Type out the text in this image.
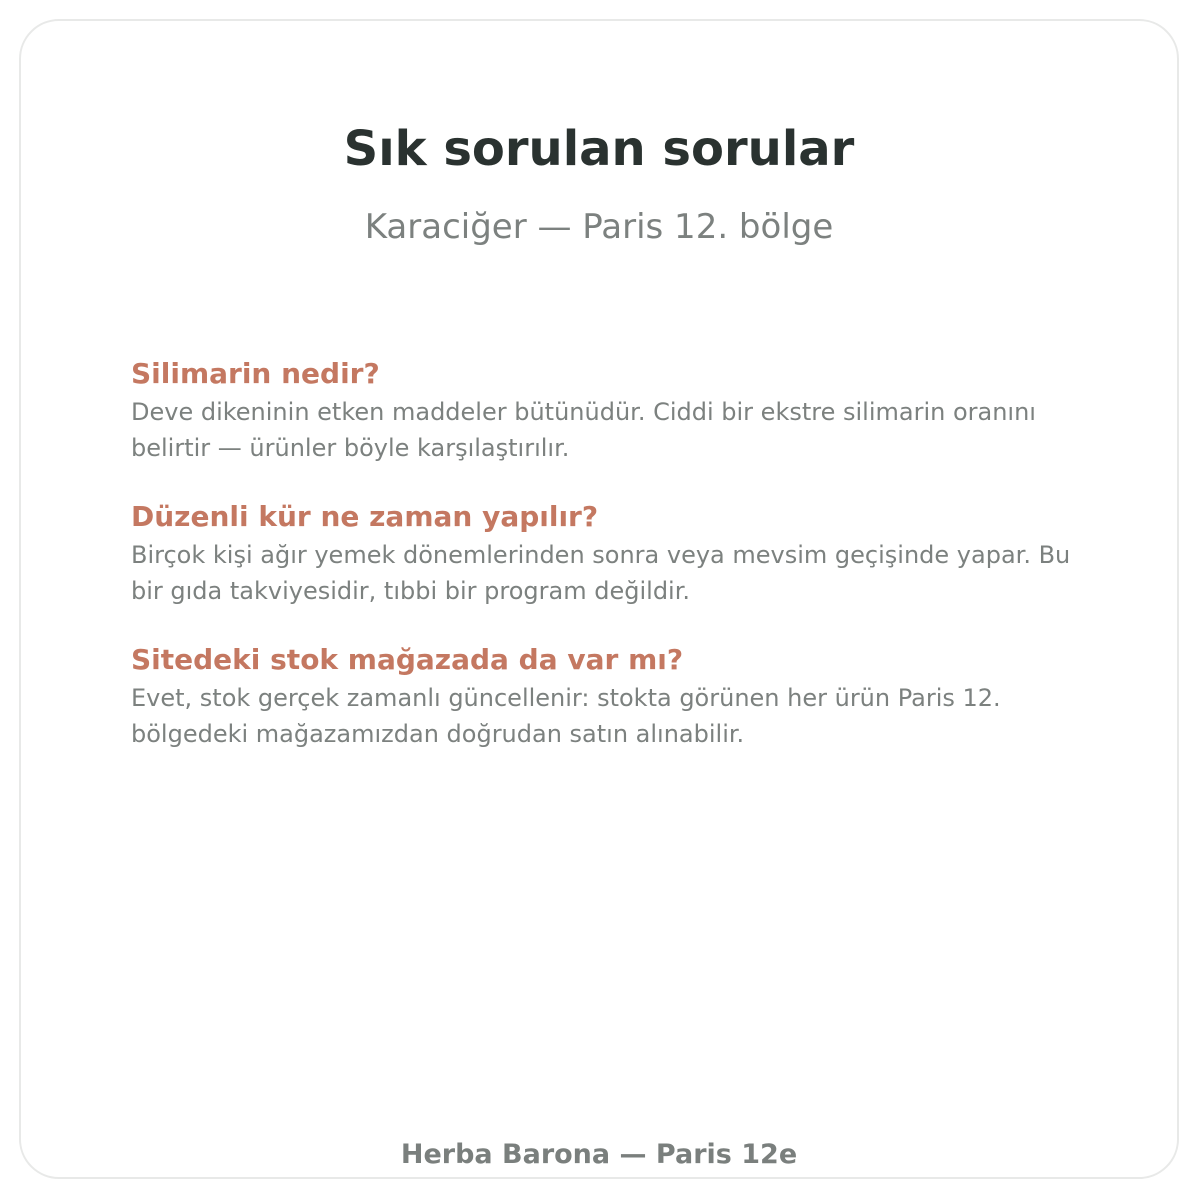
Sık sorulan sorular

Karaciğer — Paris 12. bölge

Silimarin nedir?

Deve dikeninin etken maddeler bütünüdür. Ciddi bir ekstre silimarin oranını belirtir — ürünler böyle karşılaştırılır.

Düzenli kür ne zaman yapılır?

Birçok kişi ağır yemek dönemlerinden sonra veya mevsim geçişinde yapar. Bu bir gıda takviyesidir, tıbbi bir program değildir.

Sitedeki stok mağazada da var mı?

Evet, stok gerçek zamanlı güncellenir: stokta görünen her ürün Paris 12. bölgedeki mağazamızdan doğrudan satın alınabilir.

Herba Barona — Paris 12e
